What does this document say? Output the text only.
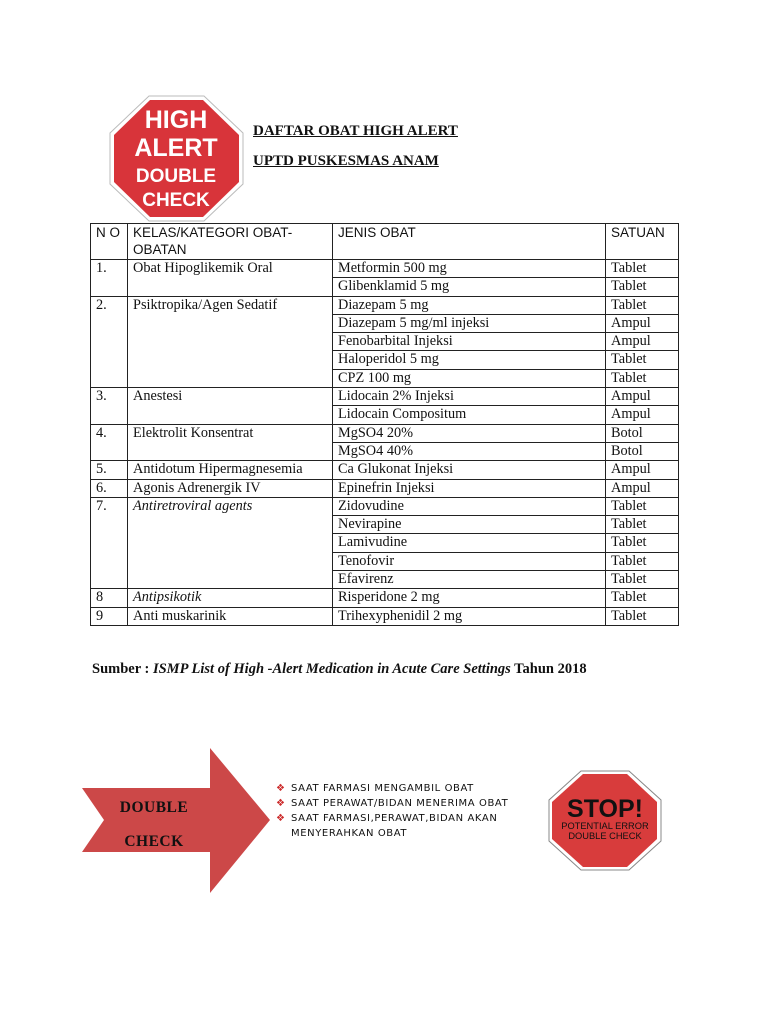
HIGH
ALERT
DOUBLE
CHECK
DAFTAR OBAT HIGH ALERT
UPTD PUSKESMAS ANAM
N O	KELAS/KATEGORI OBAT-OBATAN	JENIS OBAT	SATUAN
1.	Obat Hipoglikemik Oral	Metformin 500 mg	Tablet
		Glibenklamid 5 mg	Tablet
2.	Psiktropika/Agen Sedatif	Diazepam 5 mg	Tablet
		Diazepam 5 mg/ml injeksi	Ampul
		Fenobarbital Injeksi	Ampul
		Haloperidol 5 mg	Tablet
		CPZ 100 mg	Tablet
3.	Anestesi	Lidocain 2% Injeksi	Ampul
		Lidocain Compositum	Ampul
4.	Elektrolit Konsentrat	MgSO4 20%	Botol
		MgSO4 40%	Botol
5.	Antidotum Hipermagnesemia	Ca Glukonat Injeksi	Ampul
6.	Agonis Adrenergik IV	Epinefrin Injeksi	Ampul
7.	Antiretroviral agents	Zidovudine	Tablet
		Nevirapine	Tablet
		Lamivudine	Tablet
		Tenofovir	Tablet
		Efavirenz	Tablet
8	Antipsikotik	Risperidone 2 mg	Tablet
9	Anti muskarinik	Trihexyphenidil 2 mg	Tablet
Sumber : ISMP List of High -Alert Medication in Acute Care Settings Tahun 2018
DOUBLE
CHECK
❖ SAAT FARMASI MENGAMBIL OBAT
❖ SAAT PERAWAT/BIDAN MENERIMA OBAT
❖ SAAT FARMASI,PERAWAT,BIDAN AKAN MENYERAHKAN OBAT
STOP!
POTENTIAL ERROR
DOUBLE CHECK
